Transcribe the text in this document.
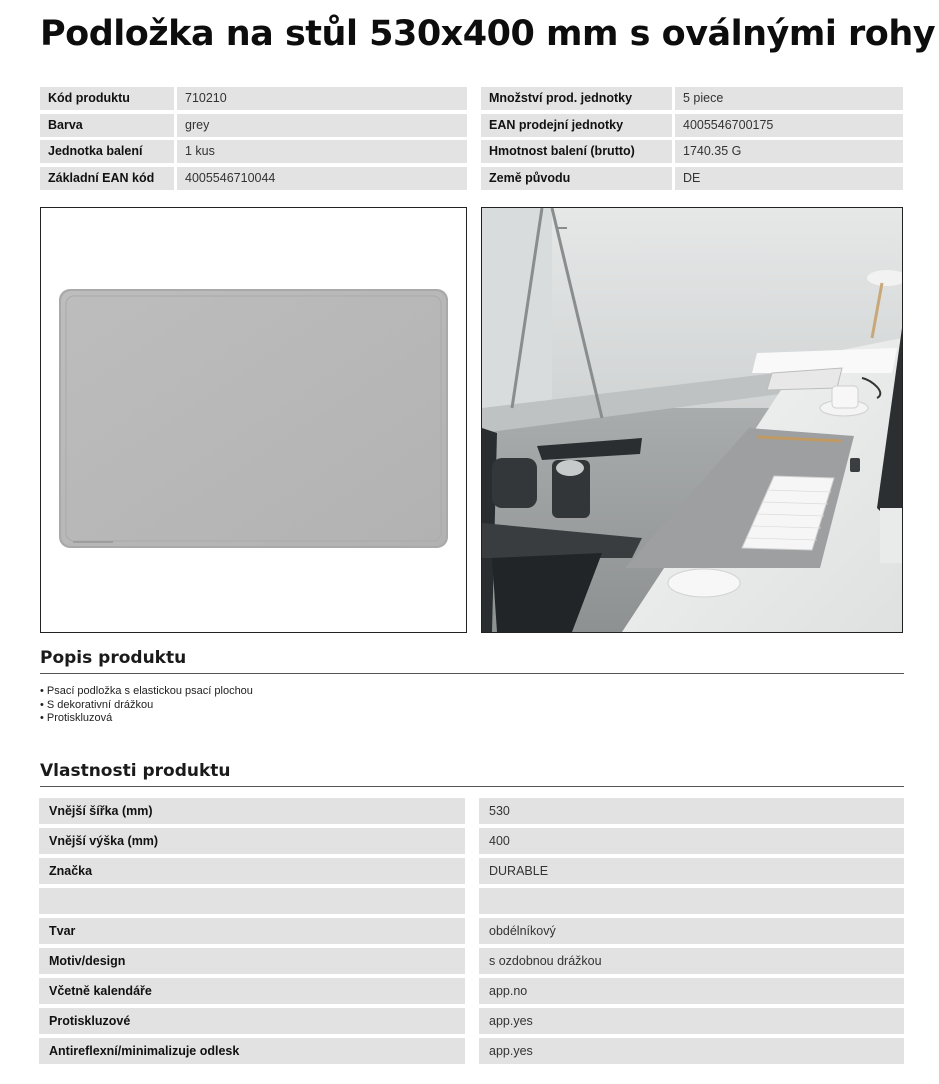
Podložka na stůl 530x400 mm s oválnými rohy
Kód produktu	710210
Barva	grey
Jednotka balení	1 kus
Základní EAN kód	4005546710044
Množství prod. jednotky	5 piece
EAN prodejní jednotky	4005546700175
Hmotnost balení (brutto)	1740.35 G
Země původu	DE
Popis produktu
• Psací podložka s elastickou psací plochou
• S dekorativní drážkou
• Protiskluzová
Vlastnosti produktu
Vnější šířka (mm)	530
Vnější výška (mm)	400
Značka	DURABLE
Tvar	obdélníkový
Motiv/design	s ozdobnou drážkou
Včetně kalendáře	app.no
Protiskluzové	app.yes
Antireflexní/minimalizuje odlesk	app.yes
